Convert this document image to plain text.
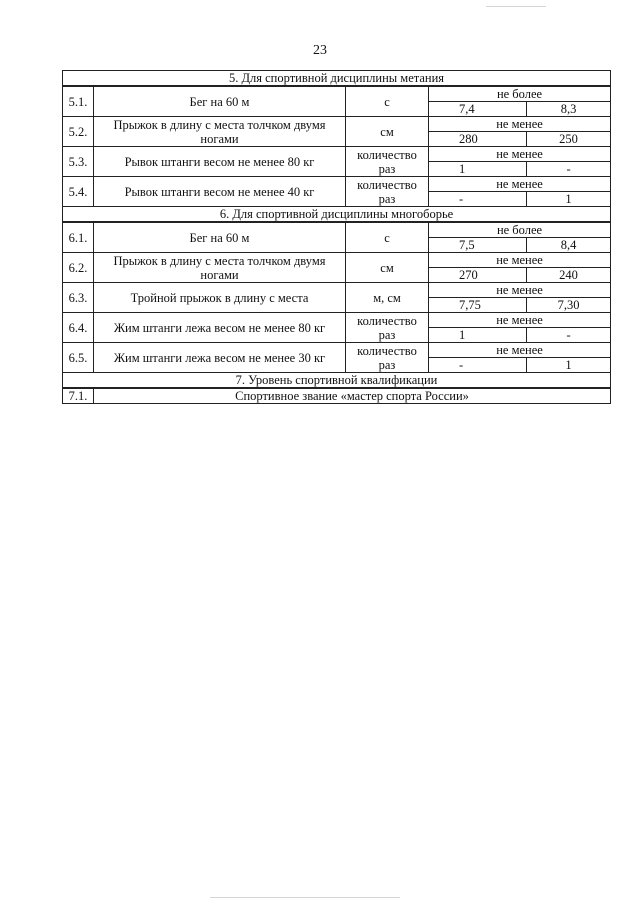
23
5. Для спортивной дисциплины метания				
5.1.	Бег на 60 м	с	не более	
			7,4	8,3
5.2.	Прыжок в длину с места толчком двумя ногами	см	не менее	
			280	250
5.3.	Рывок штанги весом не менее 80 кг	количество раз	не менее	
			1	-
5.4.	Рывок штанги весом не менее 40 кг	количество раз	не менее	
			-	1
6. Для спортивной дисциплины многоборье				
6.1.	Бег на 60 м	с	не более	
			7,5	8,4
6.2.	Прыжок в длину с места толчком двумя ногами	см	не менее	
			270	240
6.3.	Тройной прыжок в длину с места	м, см	не менее	
			7,75	7,30
6.4.	Жим штанги лежа весом не менее 80 кг	количество раз	не менее	
			1	-
6.5.	Жим штанги лежа весом не менее 30 кг	количество раз	не менее	
			-	1
7. Уровень спортивной квалификации				
7.1.	Спортивное звание «мастер спорта России»			
